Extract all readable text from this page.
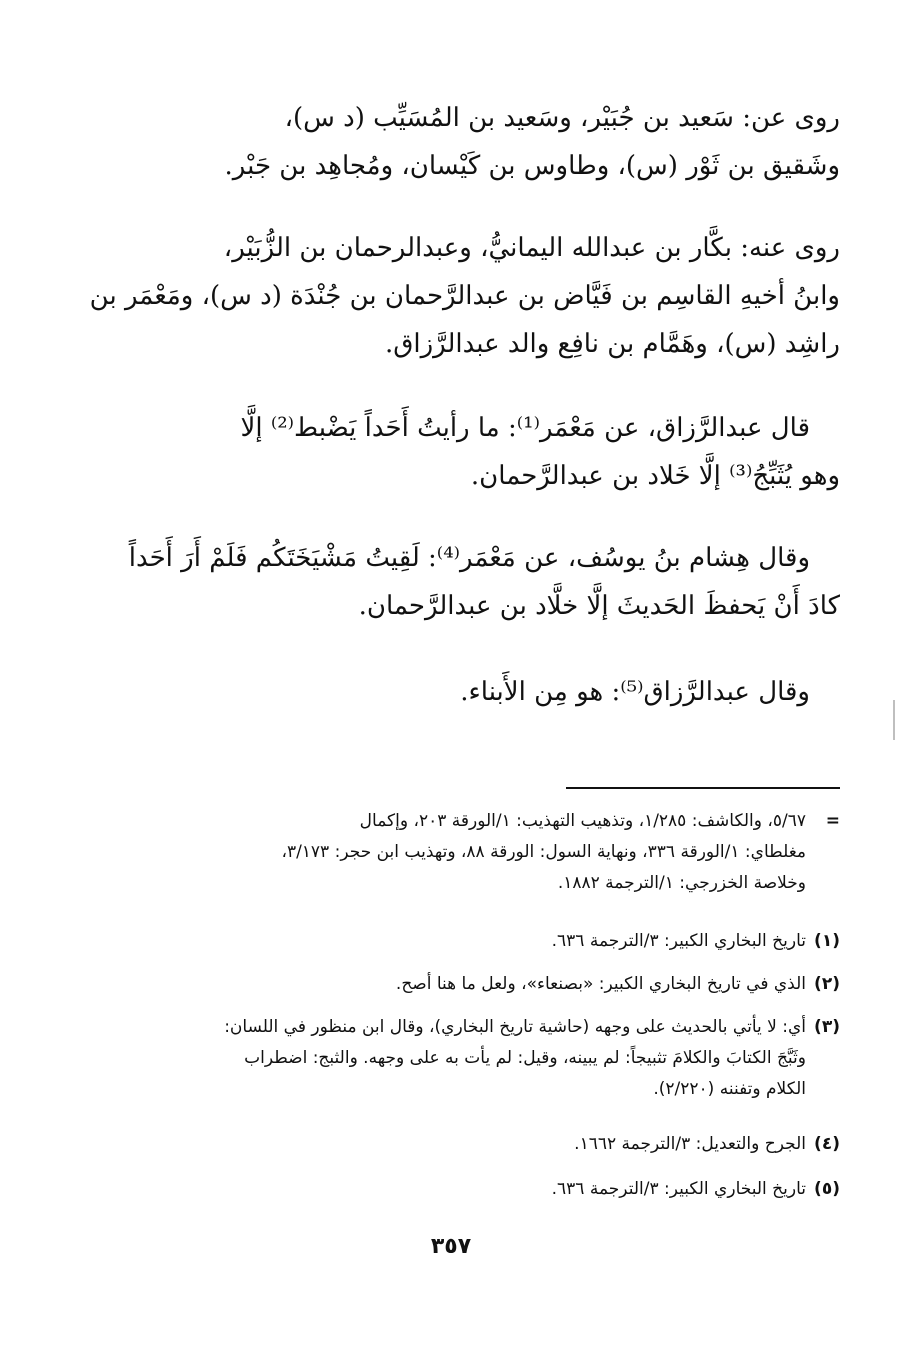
روى عن: سَعيد بن جُبَيْر، وسَعيد بن المُسَيِّب (د س)،
وشَقيق بن ثَوْر (س)، وطاوس بن كَيْسان، ومُجاهِد بن جَبْر.
روى عنه: بكَّار بن عبدالله اليمانيُّ، وعبدالرحمان بن الزُّبَيْر،
وابنُ أخيهِ القاسِم بن فَيَّاض بن عبدالرَّحمان بن جُنْدَة (د س)، ومَعْمَر بن
راشِد (س)، وهَمَّام بن نافِع والد عبدالرَّزاق.
قال عبدالرَّزاق، عن مَعْمَر⁽¹⁾: ما رأيتُ أَحَداً يَضْبط⁽²⁾ إلَّا
وهو يُثَبِّجُ⁽³⁾ إلَّا خَلاد بن عبدالرَّحمان.
وقال هِشام بنُ يوسُف، عن مَعْمَر⁽⁴⁾: لَقِيتُ مَشْيَخَتَكُم فَلَمْ أَرَ أَحَداً
كادَ أَنْ يَحفظَ الحَديثَ إلَّا خلَّاد بن عبدالرَّحمان.
وقال عبدالرَّزاق⁽⁵⁾: هو مِن الأَبناء.
=٥/٦٧، والكاشف: ١/٢٨٥، وتذهيب التهذيب: ١/الورقة ٢٠٣، وإكمال
مغلطاي: ١/الورقة ٣٣٦، ونهاية السول: الورقة ٨٨، وتهذيب ابن حجر: ٣/١٧٣،
وخلاصة الخزرجي: ١/الترجمة ١٨٨٢.
(١)تاريخ البخاري الكبير: ٣/الترجمة ٦٣٦.
(٢)الذي في تاريخ البخاري الكبير: «بصنعاء»، ولعل ما هنا أصح.
(٣)أي: لا يأتي بالحديث على وجهه (حاشية تاريخ البخاري)، وقال ابن منظور في اللسان:
وثَبَّجَ الكتابَ والكلامَ تثبيجاً: لم يبينه، وقيل: لم يأت به على وجهه. والثبج: اضطراب
الكلام وتفننه (٢/٢٢٠).
(٤)الجرح والتعديل: ٣/الترجمة ١٦٦٢.
(٥)تاريخ البخاري الكبير: ٣/الترجمة ٦٣٦.
٣٥٧
